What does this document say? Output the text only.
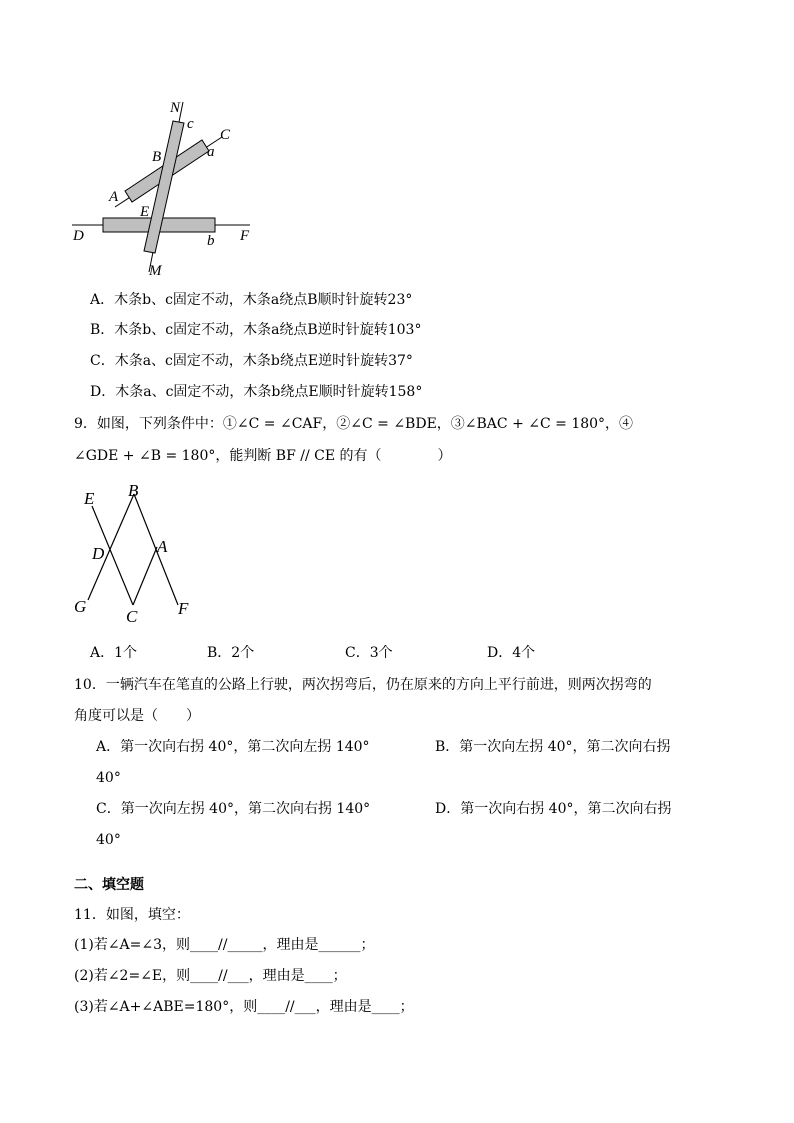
N
c
C
a
B
A
E
D	F
b
M
A．木条b、c固定不动，木条a绕点B顺时针旋转23°
B．木条b、c固定不动，木条a绕点B逆时针旋转103°
C．木条a、c固定不动，木条b绕点E逆时针旋转37°
D．木条a、c固定不动，木条b绕点E顺时针旋转158°
9．如图，下列条件中：①∠C = ∠CAF，②∠C = ∠BDE，③∠BAC + ∠C = 180°，④
∠GDE + ∠B = 180°，能判断 BF // CE 的有（　　　　）
E B
D	A
G
C F
A．1个	B．2个	C．3个	D．4个
10．一辆汽车在笔直的公路上行驶，两次拐弯后，仍在原来的方向上平行前进，则两次拐弯的
角度可以是（　　）
A．第一次向右拐 40°，第二次向左拐 140°	B．第一次向左拐 40°，第二次向右拐
40°
C．第一次向左拐 40°，第二次向右拐 140°	D．第一次向右拐 40°，第二次向右拐
40°
二、填空题
11．如图，填空：
(1)若∠A=∠3，则____//_____，理由是______；
(2)若∠2=∠E，则____//___，理由是____；
(3)若∠A+∠ABE=180°，则____//___，理由是____；
